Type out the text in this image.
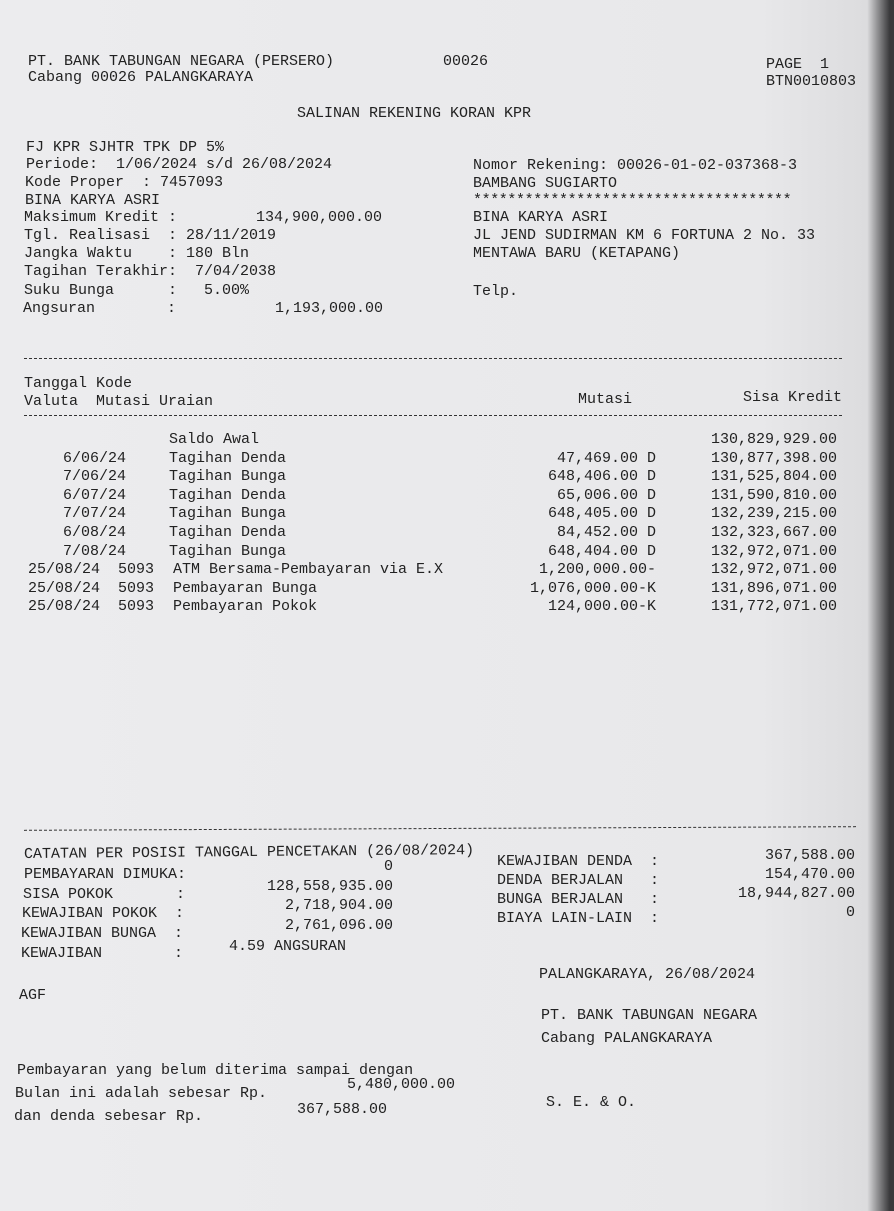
PT. BANK TABUNGAN NEGARA (PERSERO)
Cabang 00026 PALANGKARAYA
00026	PAGE  1
BTN0010803
SALINAN REKENING KORAN KPR
FJ KPR SJHTR TPK DP 5%
Periode:  1/06/2024 s/d 26/08/2024
Kode Proper  : 7457093
BINA KARYA ASRI
Maksimum Kredit :	134,900,000.00
Tgl. Realisasi  : 28/11/2019
Jangka Waktu    : 180 Bln
Tagihan Terakhir:  7/04/2038
Suku Bunga      :   5.00%
Angsuran        :	1,193,000.00
Nomor Rekening: 00026-01-02-037368-3
BAMBANG SUGIARTO
*************************************
BINA KARYA ASRI
JL JEND SUDIRMAN KM 6 FORTUNA 2 No. 33
MENTAWA BARU (KETAPANG)
Telp.
Tanggal Kode
Valuta  Mutasi Uraian	Mutasi	Sisa Kredit
Saldo Awal	130,829,929.00
6/06/24	Tagihan Denda	47,469.00 D	130,877,398.00
7/06/24	Tagihan Bunga	648,406.00 D	131,525,804.00
6/07/24	Tagihan Denda	65,006.00 D	131,590,810.00
7/07/24	Tagihan Bunga	648,405.00 D	132,239,215.00
6/08/24	Tagihan Denda	84,452.00 D	132,323,667.00
7/08/24	Tagihan Bunga	648,404.00 D	132,972,071.00
25/08/24 5093 ATM Bersama-Pembayaran via E.X	1,200,000.00-	132,972,071.00
25/08/24 5093 Pembayaran Bunga	1,076,000.00-K	131,896,071.00
25/08/24 5093 Pembayaran Pokok	124,000.00-K	131,772,071.00
CATATAN PER POSISI TANGGAL PENCETAKAN (26/08/2024)
PEMBAYARAN DIMUKA:	0
SISA POKOK       :	128,558,935.00
KEWAJIBAN POKOK  :	2,718,904.00
KEWAJIBAN BUNGA  :	2,761,096.00
KEWAJIBAN        :	4.59 ANGSURAN
KEWAJIBAN DENDA  :	367,588.00
DENDA BERJALAN   :	154,470.00
BUNGA BERJALAN   :	18,944,827.00
BIAYA LAIN-LAIN  :	0
PALANGKARAYA, 26/08/2024
AGF
PT. BANK TABUNGAN NEGARA
Cabang PALANGKARAYA
Pembayaran yang belum diterima sampai dengan
Bulan ini adalah sebesar Rp.
5,480,000.00
dan denda sebesar Rp.	367,588.00	S. E. & O.
